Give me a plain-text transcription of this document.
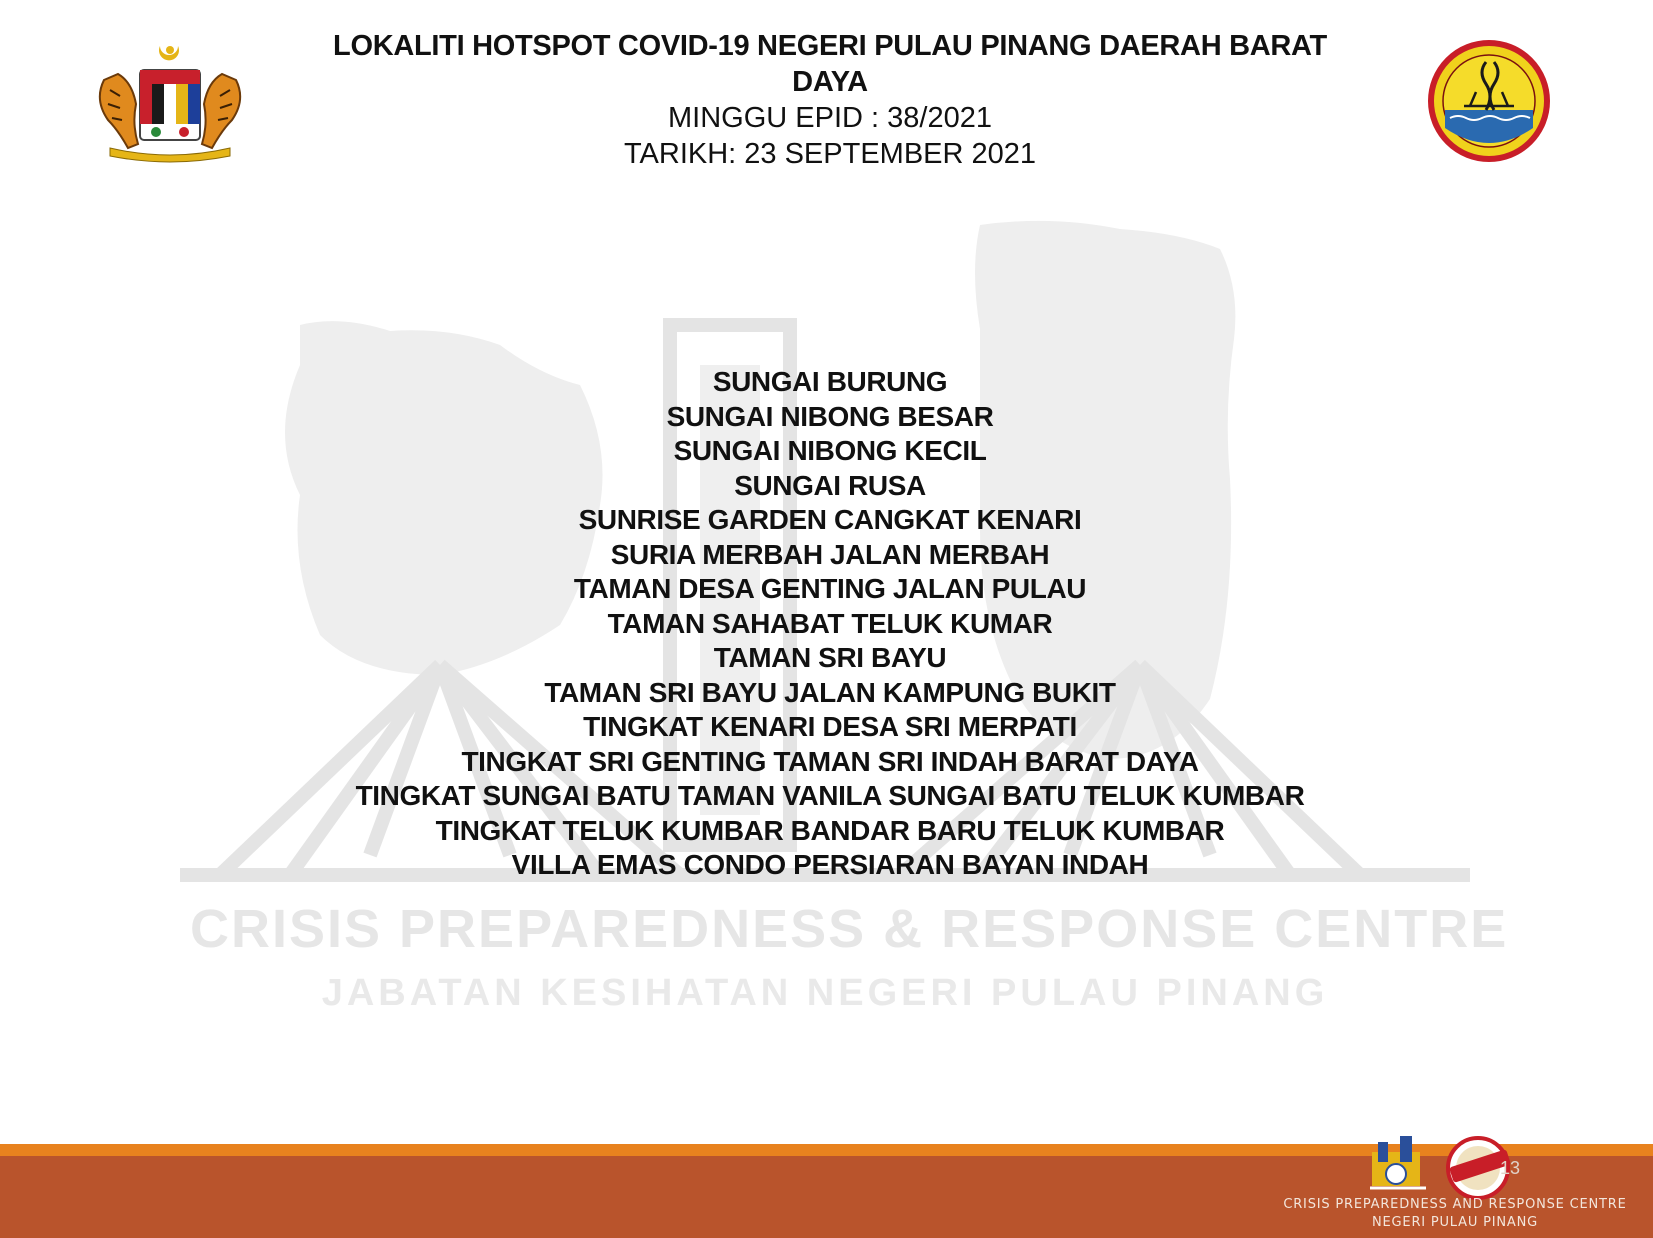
LOKALITI HOTSPOT COVID-19 NEGERI PULAU PINANG DAERAH BARAT DAYA

MINGGU EPID : 38/2021

TARIKH: 23 SEPTEMBER 2021

CRISIS PREPAREDNESS & RESPONSE CENTRE
JABATAN KESIHATAN NEGERI PULAU PINANG
SUNGAI BURUNG
SUNGAI NIBONG BESAR
SUNGAI NIBONG KECIL
SUNGAI RUSA
SUNRISE GARDEN CANGKAT KENARI
SURIA MERBAH JALAN MERBAH
TAMAN DESA GENTING JALAN PULAU
TAMAN SAHABAT TELUK KUMAR
TAMAN SRI BAYU
TAMAN SRI BAYU JALAN KAMPUNG BUKIT
TINGKAT KENARI DESA SRI MERPATI
TINGKAT SRI GENTING TAMAN SRI INDAH BARAT DAYA
TINGKAT SUNGAI BATU TAMAN VANILA SUNGAI BATU TELUK KUMBAR
TINGKAT TELUK KUMBAR BANDAR BARU TELUK KUMBAR
VILLA EMAS CONDO PERSIARAN BAYAN INDAH
13
CRISIS PREPAREDNESS AND RESPONSE CENTRE
NEGERI PULAU PINANG
